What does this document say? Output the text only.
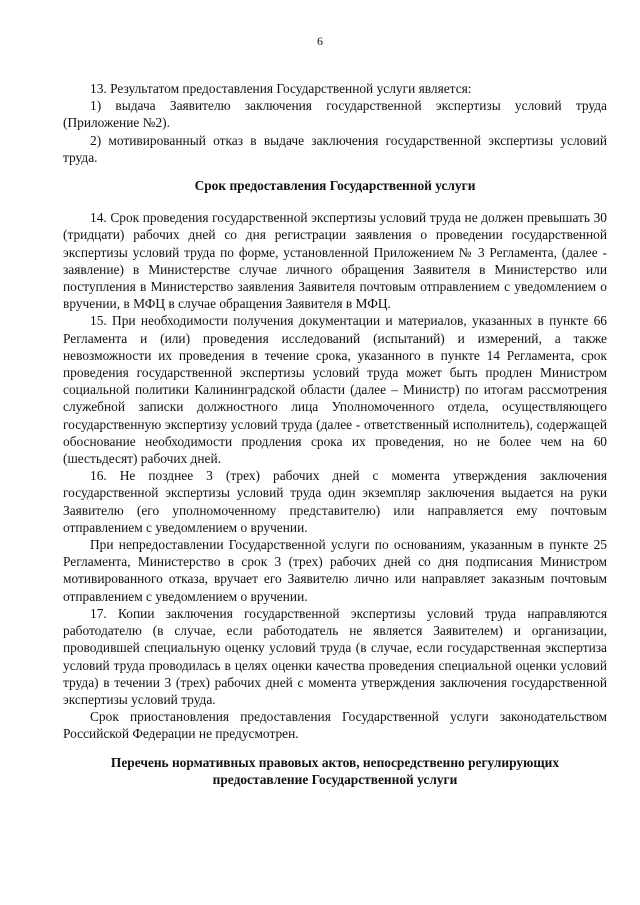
6

13. Результатом предоставления Государственной услуги является:

1) выдача Заявителю заключения государственной экспертизы условий труда (Приложение №2).

2) мотивированный отказ в выдаче заключения государственной экспертизы условий труда.

Срок предоставления Государственной услуги

14. Срок проведения государственной экспертизы условий труда не должен превышать 30 (тридцати) рабочих дней со дня регистрации заявления о проведении государственной экспертизы условий труда по форме, установленной Приложением № 3 Регламента, (далее - заявление) в Министерстве случае личного обращения Заявителя в Министерство или поступления в Министерство заявления Заявителя почтовым отправлением с уведомлением о вручении, в МФЦ в случае обращения Заявителя в МФЦ.

15. При необходимости получения документации и материалов, указанных в пункте 66 Регламента и (или) проведения исследований (испытаний) и измерений, а также невозможности их проведения в течение срока, указанного в пункте 14 Регламента, срок проведения государственной экспертизы условий труда может быть продлен Министром социальной политики Калининградской области (далее – Министр) по итогам рассмотрения служебной записки должностного лица Уполномоченного отдела, осуществляющего государственную экспертизу условий труда (далее - ответственный исполнитель), содержащей обоснование необходимости продления срока их проведения, но не более чем на 60 (шестьдесят) рабочих дней.

16. Не позднее 3 (трех) рабочих дней с момента утверждения заключения государственной экспертизы условий труда один экземпляр заключения выдается на руки Заявителю (его уполномоченному представителю) или направляется ему почтовым отправлением с уведомлением о вручении.

При непредоставлении Государственной услуги по основаниям, указанным в пункте 25 Регламента, Министерство в срок 3 (трех) рабочих дней со дня подписания Министром мотивированного отказа, вручает его Заявителю лично или направляет заказным почтовым отправлением с уведомлением о вручении.

17. Копии заключения государственной экспертизы условий труда направляются работодателю (в случае, если работодатель не является Заявителем) и организации, проводившей специальную оценку условий труда (в случае, если государственная экспертиза условий труда проводилась в целях оценки качества проведения специальной оценки условий труда) в течении 3 (трех) рабочих дней с момента утверждения заключения государственной экспертизы условий труда.

Срок приостановления предоставления Государственной услуги законодательством Российской Федерации не предусмотрен.

Перечень нормативных правовых актов, непосредственно регулирующих предоставление Государственной услуги
